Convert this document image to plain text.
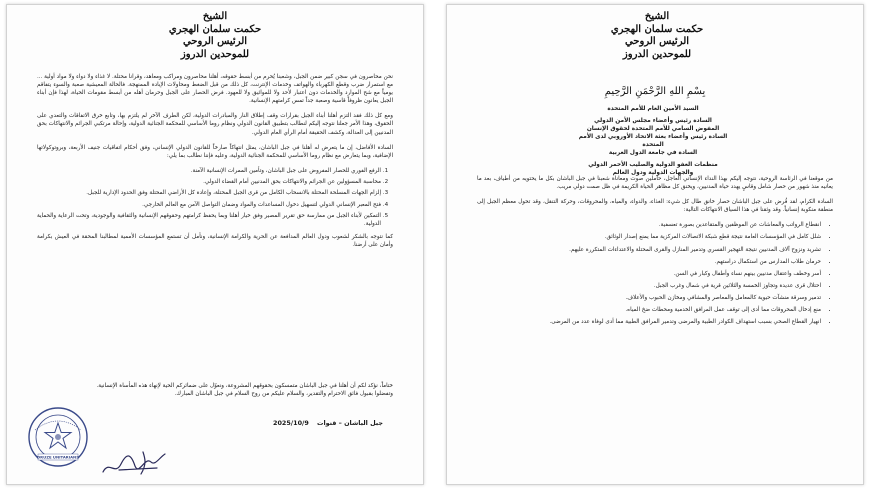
الشيخ
حكمت سلمان الهجري
الرئيس الروحي
للموحدين الدروز

نحن محاصرون في سجن كبير ضمن الجبل، وشعبنا يُحرم من أبسط حقوقه، أهلنا محاصرون ومراكب ومعاهد، وقرانا محتلة. لا غذاء ولا دواء ولا مواد أولية ... مع استمرار ضرب وقطع الكهرباء والهواتف وخدمات الإنترنت، كل ذلك من قبل الضغط ومحاولات الإبادة الممنهجة. فالحالة المعيشية صعبة والسوء يتفاقم يومياً مع شح الموارد والخدمات دون اعتبار لأحد ولا للمواثيق ولا للعهود. فرض الحصار على الجبل وحرمان أهله من أبسط مقومات الحياة، لهذا فإن أبناء الجبل يعانون ظروفاً قاسية وصعبة جداً تمس كرامتهم الإنسانية.

ومع كل ذلك فقد التزم أهلنا أبناء الجبل بقرارات وقف إطلاق النار والمبادرات الدولية، لكن الطرف الآخر لم يلتزم بها، وتابع خرق الاتفاقات والتعدي على الحقوق، وهذا الأمر جعلنا نتوجه إليكم لنطالب بتطبيق القانون الدولي ونظام روما الأساسي للمحكمة الجنائية الدولية، وإحالة مرتكبي الجرائم والانتهاكات بحق المدنيين إلى العدالة، وكشف الحقيقة أمام الرأي العام الدولي.

السادة الأفاضل، إن ما يتعرض له أهلنا في جبل الباشان، يمثل انتهاكاً صارخاً للقانون الدولي الإنساني، وفق أحكام اتفاقيات جنيف الأربعة، وبروتوكولاتها الإضافية، وبما يتعارض مع نظام روما الأساسي للمحكمة الجنائية الدولية، وعليه فإننا نطالب بما يلي:

1. الرفع الفوري للحصار المفروض على جبل الباشان، وتأمين الممرات الإنسانية الآمنة.
2. محاسبة المسؤولين عن الجرائم والانتهاكات بحق المدنيين أمام القضاء الدولي.
3. إلزام الجهات المسلحة المحتلة بالانسحاب الكامل من قرى الجبل المحتلة، وإعادة كل الأراضي المحتلة وفق الحدود الإدارية للجبل.
4. فتح المعبر الإنساني الدولي لتسهيل دخول المساعدات والمواد وضمان التواصل الآمن مع العالم الخارجي.
5. التمكين لأبناء الجبل من ممارسة حق تقرير المصير وفق خيار أهلنا وبما يحفظ كرامتهم وحقوقهم الإنسانية والثقافية والوجودية، وتحت الرعاية والحماية الدولية.

كما نتوجه بالشكر لشعوب ودول العالم المدافعة عن الحرية والكرامة الإنسانية، ونأمل أن تستمع المؤسسات الأممية لمطالبنا المحقة في العيش بكرامة وأمان على أرضنا.

ختاماً، نؤكد لكم أن أهلنا في جبل الباشان متمسكون بحقوقهم المشروعة، ونعوّل على ضمائركم الحية لإنهاء هذه المأساة الإنسانية.
وتفضلوا بقبول فائق الاحترام والتقدير، والسلام عليكم من روح السلام في جبل الباشان المبارك.
جبل الباشان – قنوات 2025/10/9
DRUZE UNITARIANS
الشيخ
حكمت سلمان الهجري
الرئيس الروحي
للموحدين الدروز
بِسْمِ اللهِ الرَّحْمَنِ الرَّحِيمِ
السيد الأمين العام للأمم المتحدة
السادة رئيس وأعضاء مجلس الأمن الدولي
المفوض السامي للأمم المتحدة لحقوق الإنسان
السادة رئيس وأعضاء بعثة الاتحاد الأوروبي لدى الأمم المتحدة
السادة في جامعة الدول العربية
منظمات العفو الدولية والصليب الأحمر الدولي
والجهات الدولية ودول العالم

من موقعنا في الرئاسة الروحية، نتوجه إليكم بهذا النداء الإنساني العاجل، حاملين صوت ومعاناة شعبنا في جبل الباشان بكل ما يحتويه من أطياف، بعد ما يعانيه منذ شهور من حصار شامل وقاسٍ يهدد حياة المدنيين، ويخنق كل مظاهر الحياة الكريمة في ظل صمت دولي مريب.

السادة الكرام، لقد فُرض على جبل الباشان حصار خانق طال كل شيء: الغذاء، والدواء، والمياه، والمحروقات، وحركة التنقل، وقد تحول معظم الجبل إلى منطقة منكوبة إنسانياً. وقد وثقنا في هذا السياق الانتهاكات التالية:

• انقطاع الرواتب والمعاشات عن الموظفين والمتقاعدين بصورة تعسفية.
• شلل كامل في المؤسسات العامة نتيجة قطع شبكة الاتصالات المركزية مما يمنع إصدار الوثائق.
• تشريد ونزوح آلاف المدنيين نتيجة التهجير القسري وتدمير المنازل والقرى المحتلة والاعتداءات المتكررة عليهم.
• حرمان طلاب المدارس من استكمال دراستهم.
• أسر وخطف واعتقال مدنيين بينهم نساء وأطفال وكبار في السن.
• احتلال قرى عديدة وتجاوز الخمسة والثلاثين قرية في شمال وغرب الجبل.
• تدمير وسرقة منشآت حيوية كالمعامل والمعاصر والمشافي ومخازن الحبوب والأعلاف.
• منع إدخال المحروقات مما أدى إلى توقف عمل المرافق الخدمية ومحطات ضخ المياه.
• انهيار القطاع الصحي بسبب استهداف الكوادر الطبية والمرضى وتدمير المرافق الطبية مما أدى لوفاة عدد من المرضى.
